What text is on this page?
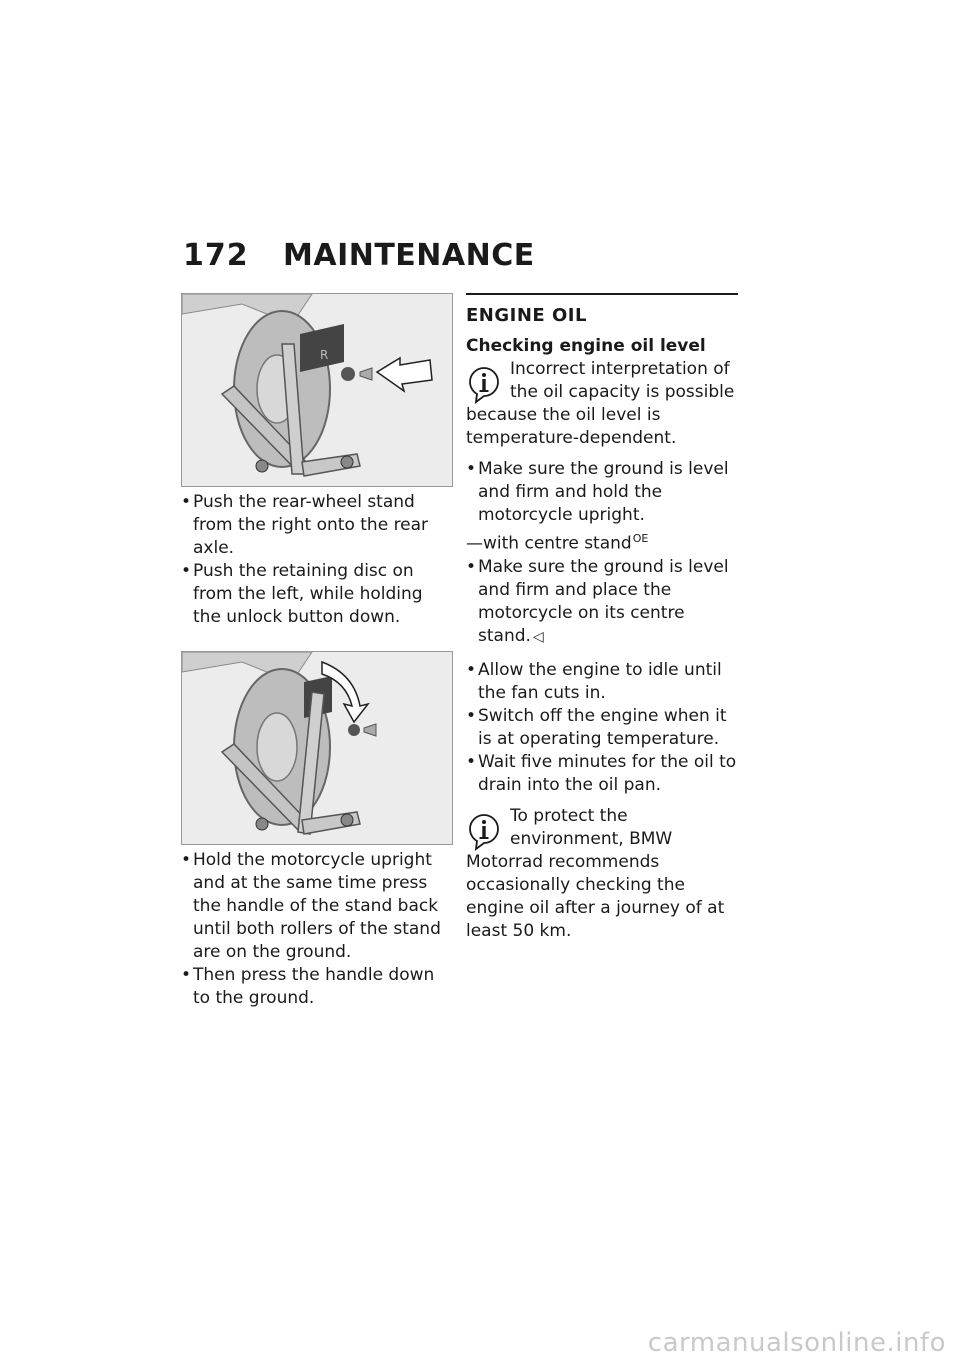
172	MAINTENANCE
R
• Push the rear-wheel stand from the right onto the rear axle.
• Push the retaining disc on from the left, while holding the unlock button down.
• Hold the motorcycle upright and at the same time press the handle of the stand back until both rollers of the stand are on the ground.
• Then press the handle down to the ground.
ENGINE OIL
Checking engine oil level

Incorrect interpretation of the oil capacity is possible because the oil level is temperature-dependent.

• Make sure the ground is level and firm and hold the motorcycle upright.
—with centre stand$^{OE}$
• Make sure the ground is level and firm and place the motorcycle on its centre stand. ◁
• Allow the engine to idle until the fan cuts in.
• Switch off the engine when it is at operating temperature.
• Wait five minutes for the oil to drain into the oil pan.

To protect the environment, BMW Motorrad recommends occasionally checking the engine oil after a journey of at least 50 km.

carmanualsonline.info
